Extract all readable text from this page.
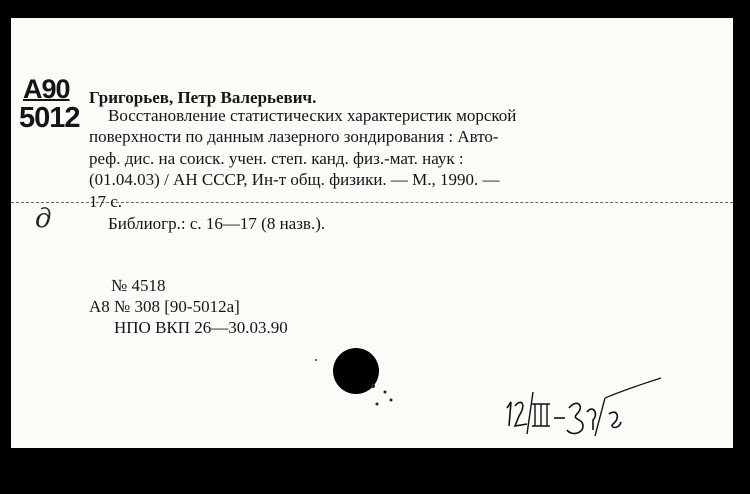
А90
5012
Григорьев, Петр Валерьевич.
Восстановление статистических характеристик морской
поверхности по данным лазерного зондирования : Авто-
реф. дис. на соиск. учен. степ. канд. физ.-мат. наук :
(01.04.03) / АН СССР, Ин-т общ. физики. — М., 1990. —
17 с.
д	Библиогр.: с. 16—17 (8 назв.).
№ 4518
А8 № 308 [90-5012а]
НПО ВКП 26—30.03.90
